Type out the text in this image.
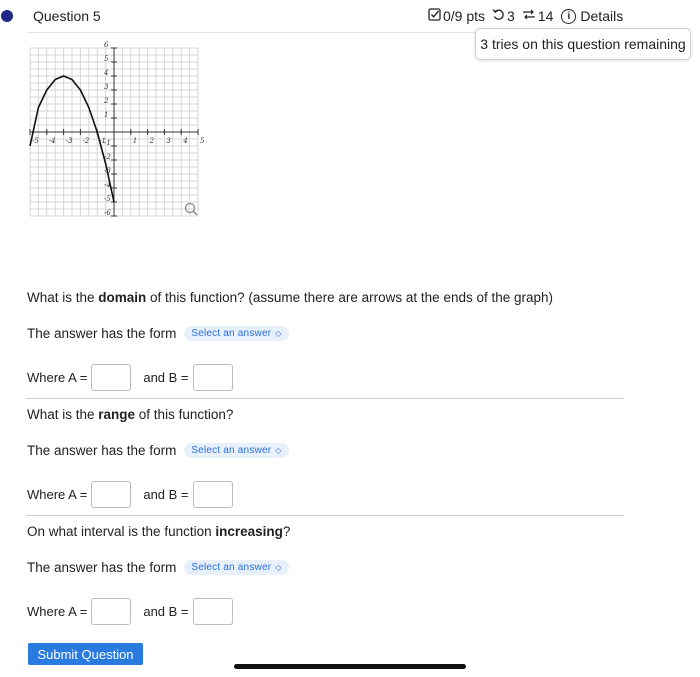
Question 5	0/9 pts 3 14	i Details
3 tries on this question remaining
-5 -4 -3 -2 -1	1 2 3 4 5
6
5
4
3
2
1
-1
-2
-3
-4
-5
-6
What is the domain of this function? (assume there are arrows at the ends of the graph)
The answer has the form Select an answer ◇
Where A =	and B =
What is the range of this function?
The answer has the form Select an answer ◇
Where A =	and B =
On what interval is the function increasing?
The answer has the form Select an answer ◇
Where A =	and B =
Submit Question
